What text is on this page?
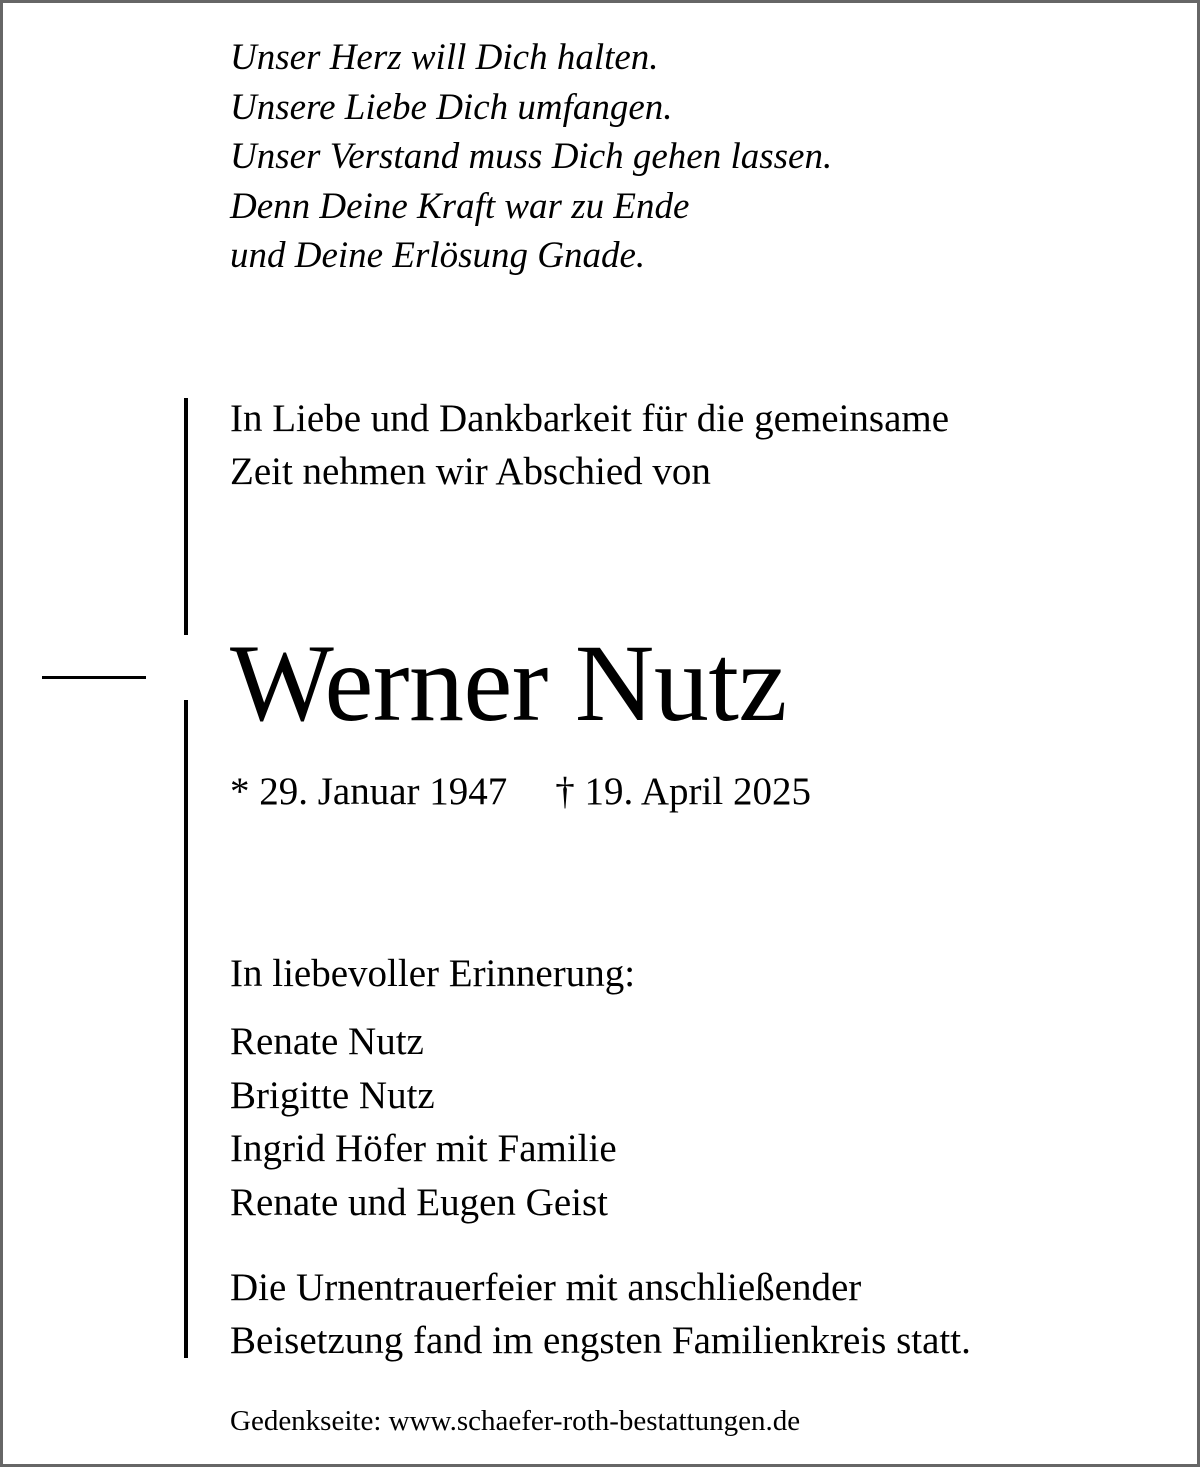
Unser Herz will Dich halten.
Unsere Liebe Dich umfangen.
Unser Verstand muss Dich gehen lassen.
Denn Deine Kraft war zu Ende
und Deine Erlösung Gnade.
In Liebe und Dankbarkeit für die gemeinsame
Zeit nehmen wir Abschied von
Werner Nutz
* 29. Januar 1947 † 19. April 2025
In liebevoller Erinnerung:
Renate Nutz
Brigitte Nutz
Ingrid Höfer mit Familie
Renate und Eugen Geist
Die Urnentrauerfeier mit anschließender
Beisetzung fand im engsten Familienkreis statt.
Gedenkseite: www.schaefer-roth-bestattungen.de
